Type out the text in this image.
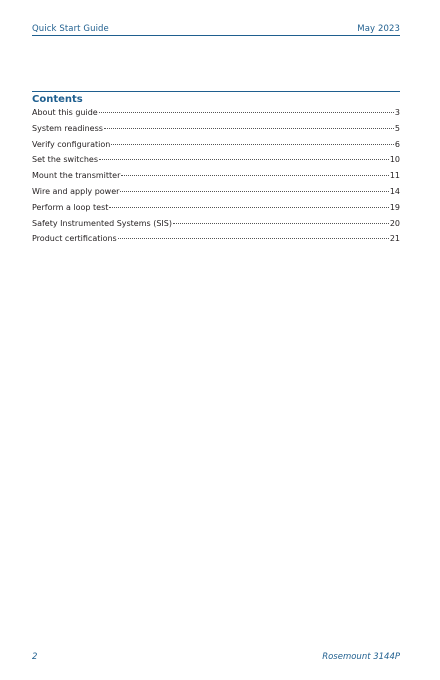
Quick Start Guide	May 2023
Contents
About this guide	3
System readiness	5
Verify configuration	6
Set the switches	10
Mount the transmitter	11
Wire and apply power	14
Perform a loop test	19
Safety Instrumented Systems (SIS)	20
Product certifications	21
2	Rosemount 3144P
